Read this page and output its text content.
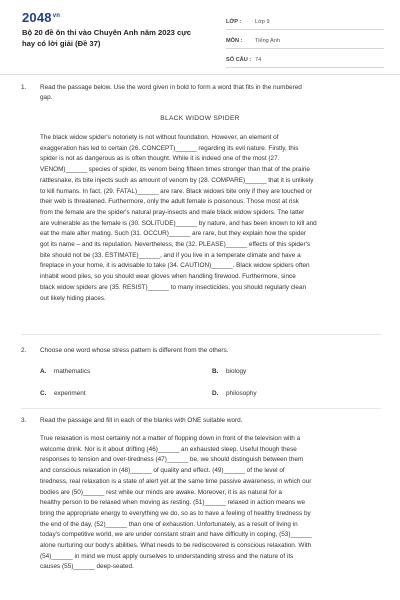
$2048^{vn}$
Bộ 20 đề ôn thi vào Chuyên Anh năm 2023 cực hay có lời giải (Đề 37)
LỚP :	Lớp 9
MÔN :	Tiếng Anh
SỐ CÂU : 74
1. Read the passage below. Use the word given in bold to form a word that fits in the numbered
gap.
BLACK WIDOW SPIDER
The black widow spider's notoriety is not without foundation. However, an element of
exaggeration has led to certain (26. CONCEPT)______ regarding its evil nature. Firstly, this
spider is not as dangerous as is often thought. While it is indeed one of the most (27.
VENOM)______ species of spider, its venom being fifteen times stronger than that of the prairie
rattlesnake, its bite injects such as amount of venom by (28. COMPARE)______ that it is unlikely
to kill humans. In fact, (29. FATAL)______ are rare. Black widows bite only if they are touched or
their web is threatened. Furthermore, only the adult female is poisonous. Those most at risk
from the female are the spider's natural pray-insects and male black widow spiders. The latter
are vulnerable as the female is (30. SOLITUDE)______ by nature, and has been known to kill and
eat the male after mating. Such (31. OCCUR)______ are rare, but they explain how the spider
got its name – and its reputation. Nevertheless, the (32. PLEASE)______ effects of this spider's
bite should not be (33. ESTIMATE)______, and if you live in a temperate climate and have a
fireplace in your home, it is advisable to take (34. CAUTION)______. Black widow spiders often
inhabit wood piles, so you should wear gloves when handling firewood. Furthermore, since
black widow spiders are (35. RESIST)______ to many insecticides, you should regularly clean
out likely hiding places.
2. Choose one word whose stress pattern is different from the others.
A. mathematics	B. biology
C. experiment	D. philosophy
3. Read the passage and fill in each of the blanks with ONE suitable word.
True relaxation is most certainly not a matter of flopping down in front of the television with a
welcome drink. Nor is it about drifting (46)______ an exhausted sleep. Useful though these
responses to tension and over-tiredness (47)______ be, we should distinguish between them
and conscious relaxation in (48)______ of quality and effect. (49)______ of the level of
tiredness, real relaxation is a state of alert yet at the same time passive awareness, in which our
bodies are (50)______ rest while our minds are awake. Moreover, it is as natural for a
healthy person to be relaxed when moving as resting. (51)______ relaxed in action means we
bring the appropriate energy to everything we do, so as to have a feeling of healthy tiredness by
the end of the day, (52)______ than one of exhaustion. Unfortunately, as a result of living in
today's competitive world, we are under constant strain and have difficulty in coping, (53)______
alone nurturing our body's abilities. What needs to be rediscovered is conscious relaxation. With
(54)______ in mind we must apply ourselves to understanding stress and the nature of its
causes (55)______ deep-seated.
